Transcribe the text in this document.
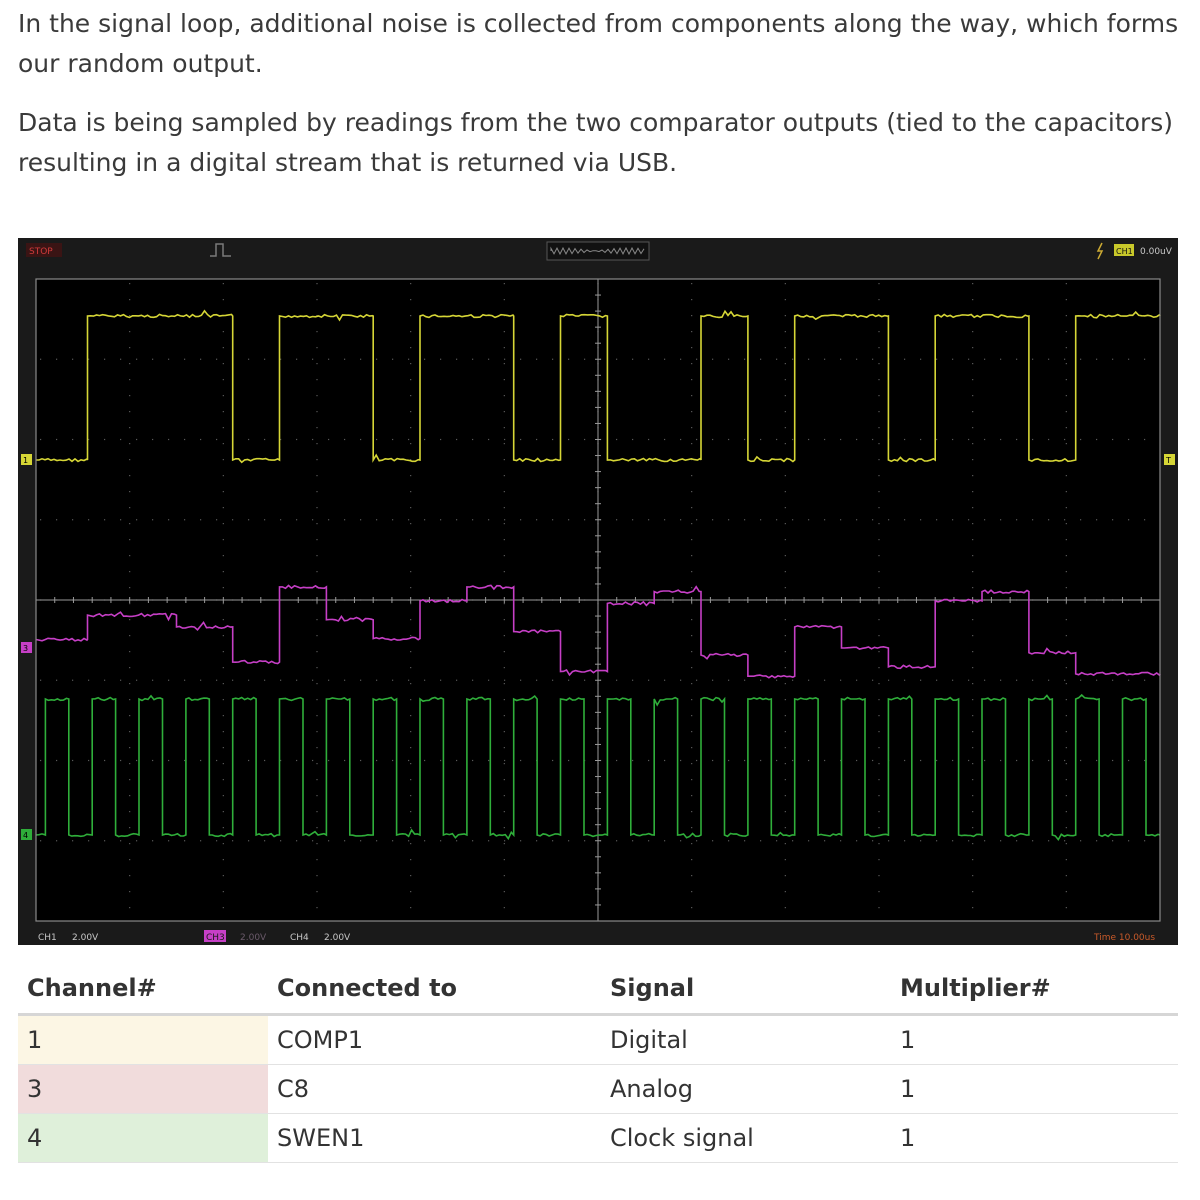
In the signal loop, additional noise is collected from components along the way, which forms our random output.

Data is being sampled by readings from the two comparator outputs (tied to the capacitors) resulting in a digital stream that is returned via USB.

STOP	CH1 0.00uV
1	T
3
4
CH1 2.00V	CH3 2.00V	CH4 2.00V	Time 10.00us
Channel#	Connected to	Signal	Multiplier#
1	COMP1	Digital	1
3	C8	Analog	1
4	SWEN1	Clock signal	1
